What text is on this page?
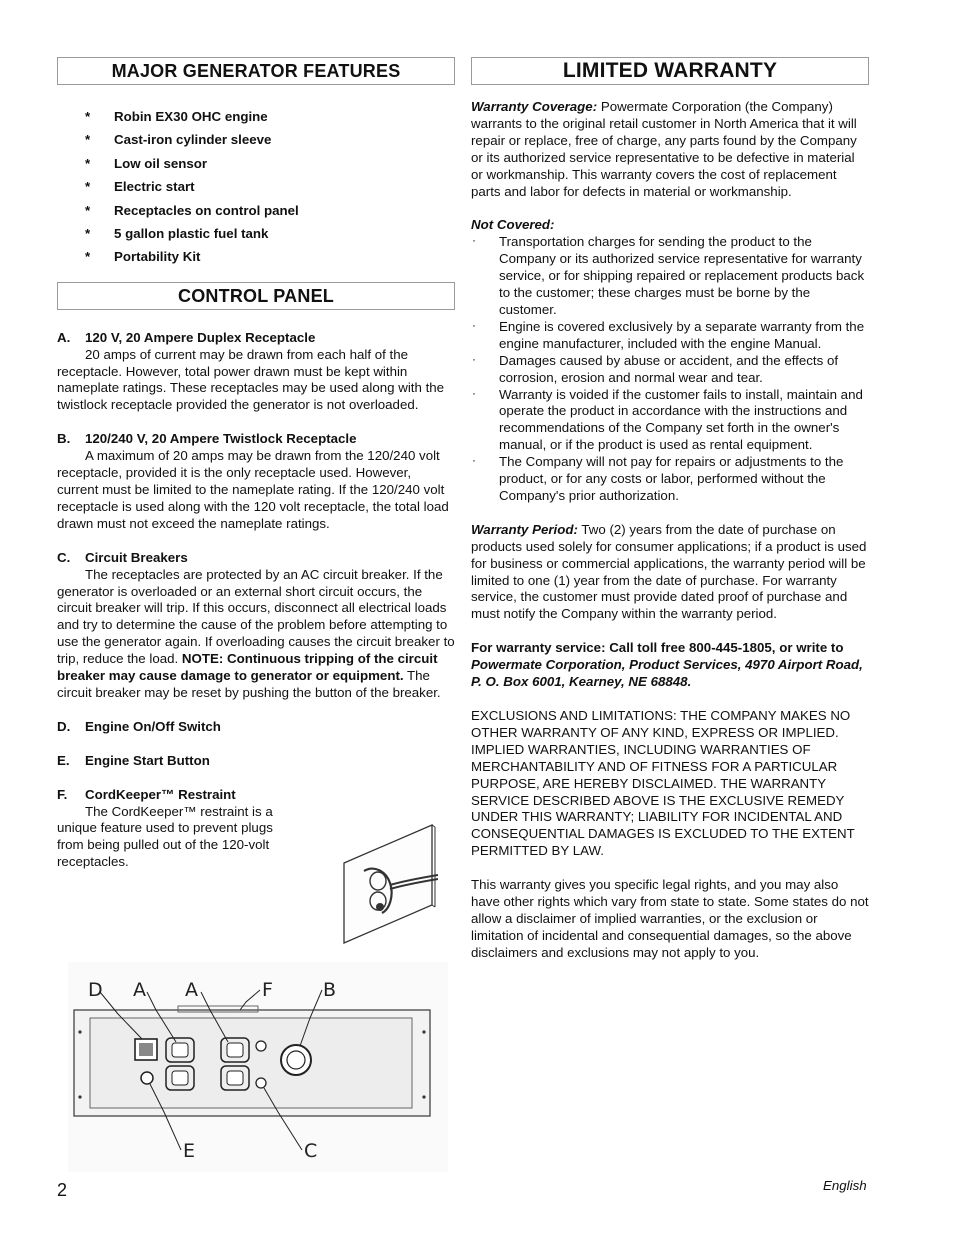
MAJOR GENERATOR FEATURES
* Robin EX30 OHC engine
* Cast-iron cylinder sleeve
* Low oil sensor
* Electric start
* Receptacles on control panel
* 5 gallon plastic fuel tank
* Portability Kit
CONTROL PANEL
A. 120 V, 20 Ampere Duplex Receptacle
20 amps of current may be drawn from each half of the receptacle. However, total power drawn must be kept within nameplate ratings. These receptacles may be used along with the twistlock receptacle provided the generator is not overloaded.
B. 120/240 V, 20 Ampere Twistlock Receptacle
A maximum of 20 amps may be drawn from the 120/240 volt receptacle, provided it is the only receptacle used. However, current must be limited to the nameplate rating. If the 120/240 volt receptacle is used along with the 120 volt receptacle, the total load drawn must not exceed the nameplate ratings.
C. Circuit Breakers
The receptacles are protected by an AC circuit breaker. If the generator is overloaded or an external short circuit occurs, the circuit breaker will trip. If this occurs, disconnect all electrical loads and try to determine the cause of the problem before attempting to use the generator again. If overloading causes the circuit breaker to trip, reduce the load. NOTE: Continuous tripping of the circuit breaker may cause damage to generator or equipment. The circuit breaker may be reset by pushing the button of the breaker.
D. Engine On/Off Switch
E. Engine Start Button
F. CordKeeper™ Restraint
The CordKeeper™ restraint is a unique feature used to prevent plugs from being pulled out of the 120-volt receptacles.
D A A	F	B
E	C
LIMITED WARRANTY

Warranty Coverage: Powermate Corporation (the Company) warrants to the original retail customer in North America that it will repair or replace, free of charge, any parts found by the Company or its authorized service representative to be defective in material or workmanship. This warranty covers the cost of replacement parts and labor for defects in material or workmanship.

Not Covered:

· Transportation charges for sending the product to the Company or its authorized service representative for warranty service, or for shipping repaired or replacement products back to the customer; these charges must be borne by the customer.
· Engine is covered exclusively by a separate warranty from the engine manufacturer, included with the engine Manual.
· Damages caused by abuse or accident, and the effects of corrosion, erosion and normal wear and tear.
· Warranty is voided if the customer fails to install, maintain and operate the product in accordance with the instructions and recommendations of the Company set forth in the owner's manual, or if the product is used as rental equipment.
· The Company will not pay for repairs or adjustments to the product, or for any costs or labor, performed without the Company's prior authorization.

Warranty Period: Two (2) years from the date of purchase on products used solely for consumer applications; if a product is used for business or commercial applications, the warranty period will be limited to one (1) year from the date of purchase. For warranty service, the customer must provide dated proof of purchase and must notify the Company within the warranty period.

For warranty service: Call toll free 800-445-1805, or write to Powermate Corporation, Product Services, 4970 Airport Road, P. O. Box 6001, Kearney, NE 68848.

EXCLUSIONS AND LIMITATIONS: THE COMPANY MAKES NO OTHER WARRANTY OF ANY KIND, EXPRESS OR IMPLIED. IMPLIED WARRANTIES, INCLUDING WARRANTIES OF MERCHANTABILITY AND OF FITNESS FOR A PARTICULAR PURPOSE, ARE HEREBY DISCLAIMED. THE WARRANTY SERVICE DESCRIBED ABOVE IS THE EXCLUSIVE REMEDY UNDER THIS WARRANTY; LIABILITY FOR INCIDENTAL AND CONSEQUENTIAL DAMAGES IS EXCLUDED TO THE EXTENT PERMITTED BY LAW.

This warranty gives you specific legal rights, and you may also have other rights which vary from state to state. Some states do not allow a disclaimer of implied warranties, or the exclusion or limitation of incidental and consequential damages, so the above disclaimers and exclusions may not apply to you.

2	English
